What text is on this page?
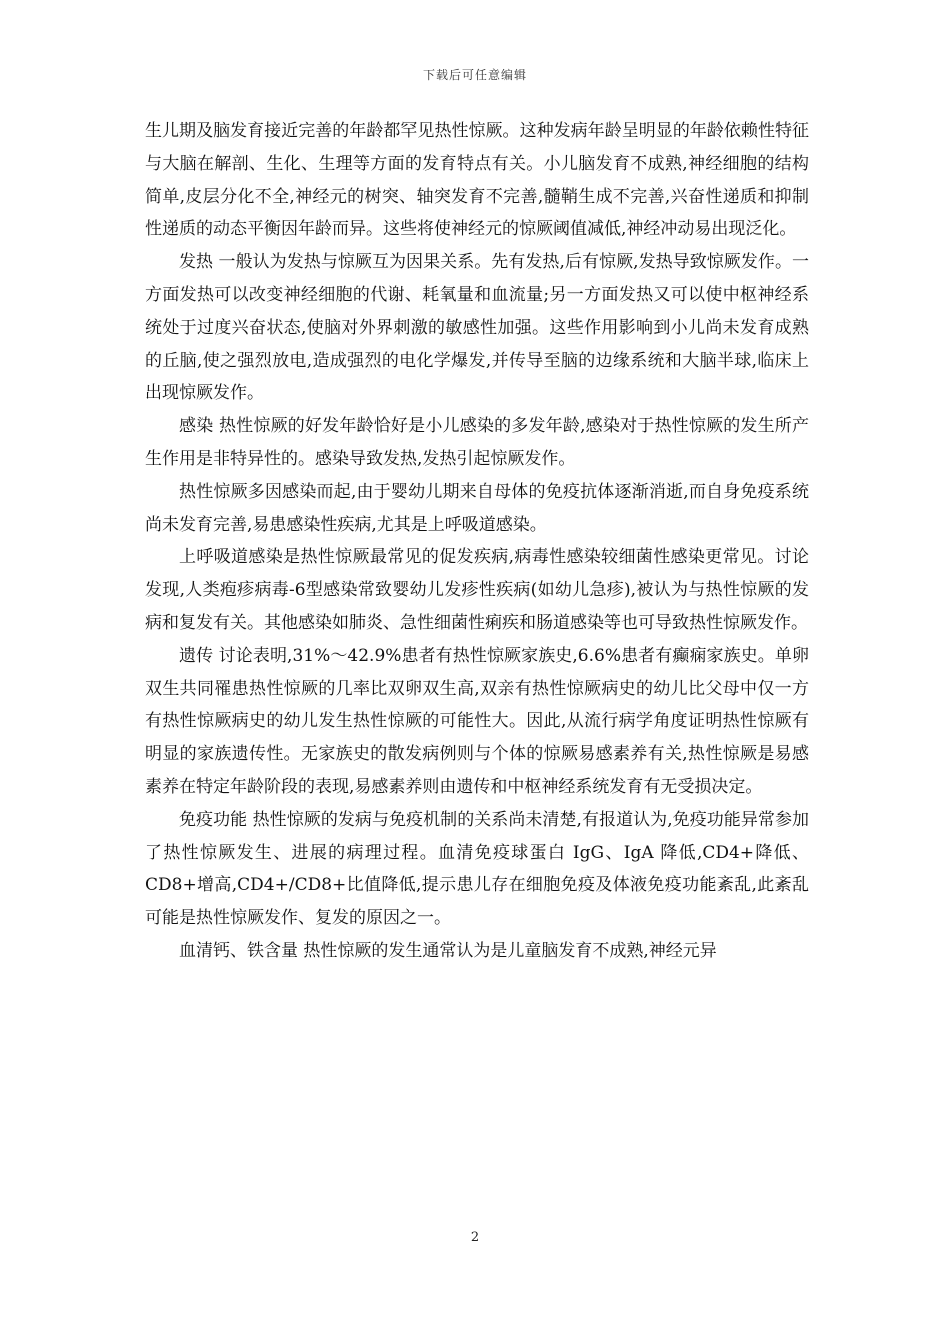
下载后可任意编辑

生儿期及脑发育接近完善的年龄都罕见热性惊厥。这种发病年龄呈明显的年龄依赖性特征与大脑在解剖、生化、生理等方面的发育特点有关。小儿脑发育不成熟,神经细胞的结构简单,皮层分化不全,神经元的树突、轴突发育不完善,髓鞘生成不完善,兴奋性递质和抑制性递质的动态平衡因年龄而异。这些将使神经元的惊厥阈值减低,神经冲动易出现泛化。

发热 一般认为发热与惊厥互为因果关系。先有发热,后有惊厥,发热导致惊厥发作。一方面发热可以改变神经细胞的代谢、耗氧量和血流量;另一方面发热又可以使中枢神经系统处于过度兴奋状态,使脑对外界刺激的敏感性加强。这些作用影响到小儿尚未发育成熟的丘脑,使之强烈放电,造成强烈的电化学爆发,并传导至脑的边缘系统和大脑半球,临床上出现惊厥发作。

感染 热性惊厥的好发年龄恰好是小儿感染的多发年龄,感染对于热性惊厥的发生所产生作用是非特异性的。感染导致发热,发热引起惊厥发作。

热性惊厥多因感染而起,由于婴幼儿期来自母体的免疫抗体逐渐消逝,而自身免疫系统尚未发育完善,易患感染性疾病,尤其是上呼吸道感染。

上呼吸道感染是热性惊厥最常见的促发疾病,病毒性感染较细菌性感染更常见。讨论发现,人类疱疹病毒-6型感染常致婴幼儿发疹性疾病(如幼儿急疹),被认为与热性惊厥的发病和复发有关。其他感染如肺炎、急性细菌性痢疾和肠道感染等也可导致热性惊厥发作。

遗传 讨论表明,31%～42.9%患者有热性惊厥家族史,6.6%患者有癫痫家族史。单卵双生共同罹患热性惊厥的几率比双卵双生高,双亲有热性惊厥病史的幼儿比父母中仅一方有热性惊厥病史的幼儿发生热性惊厥的可能性大。因此,从流行病学角度证明热性惊厥有明显的家族遗传性。无家族史的散发病例则与个体的惊厥易感素养有关,热性惊厥是易感素养在特定年龄阶段的表现,易感素养则由遗传和中枢神经系统发育有无受损决定。

免疫功能 热性惊厥的发病与免疫机制的关系尚未清楚,有报道认为,免疫功能异常参加了热性惊厥发生、进展的病理过程。血清免疫球蛋白 IgG、IgA 降低,CD4+降低、CD8+增高,CD4+/CD8+比值降低,提示患儿存在细胞免疫及体液免疫功能紊乱,此紊乱可能是热性惊厥发作、复发的原因之一。

血清钙、铁含量 热性惊厥的发生通常认为是儿童脑发育不成熟,神经元异

2
